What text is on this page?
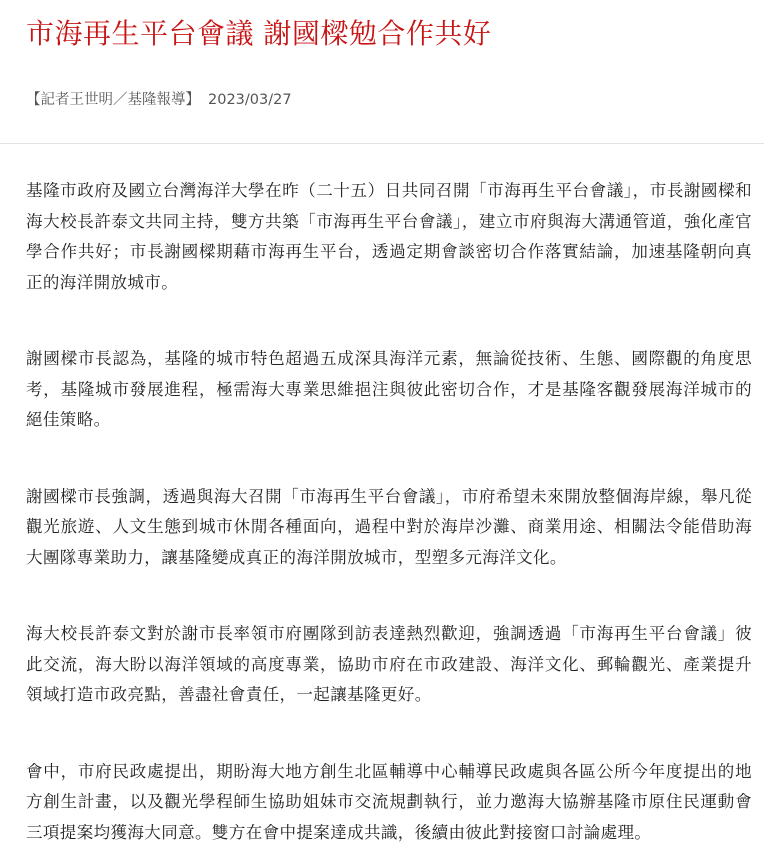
市海再生平台會議 謝國樑勉合作共好
【記者王世明／基隆報導】 2023/03/27

基隆市政府及國立台灣海洋大學在昨（二十五）日共同召開「市海再生平台會議」，市長謝國樑和海大校長許泰文共同主持，雙方共築「市海再生平台會議」，建立市府與海大溝通管道，強化產官學合作共好；市長謝國樑期藉市海再生平台，透過定期會談密切合作落實結論，加速基隆朝向真正的海洋開放城市。

謝國樑市長認為，基隆的城市特色超過五成深具海洋元素，無論從技術、生態、國際觀的角度思考，基隆城市發展進程，極需海大專業思維挹注與彼此密切合作，才是基隆客觀發展海洋城市的絕佳策略。

謝國樑市長強調，透過與海大召開「市海再生平台會議」，市府希望未來開放整個海岸線，舉凡從觀光旅遊、人文生態到城市休閒各種面向，過程中對於海岸沙灘、商業用途、相關法令能借助海大團隊專業助力，讓基隆變成真正的海洋開放城市，型塑多元海洋文化。

海大校長許泰文對於謝市長率領市府團隊到訪表達熱烈歡迎，強調透過「市海再生平台會議」彼此交流，海大盼以海洋領域的高度專業，協助市府在市政建設、海洋文化、郵輪觀光、產業提升領域打造市政亮點，善盡社會責任，一起讓基隆更好。

會中，市府民政處提出，期盼海大地方創生北區輔導中心輔導民政處與各區公所今年度提出的地方創生計畫，以及觀光學程師生協助姐妹市交流規劃執行，並力邀海大協辦基隆市原住民運動會三項提案均獲海大同意。雙方在會中提案達成共識，後續由彼此對接窗口討論處理。
